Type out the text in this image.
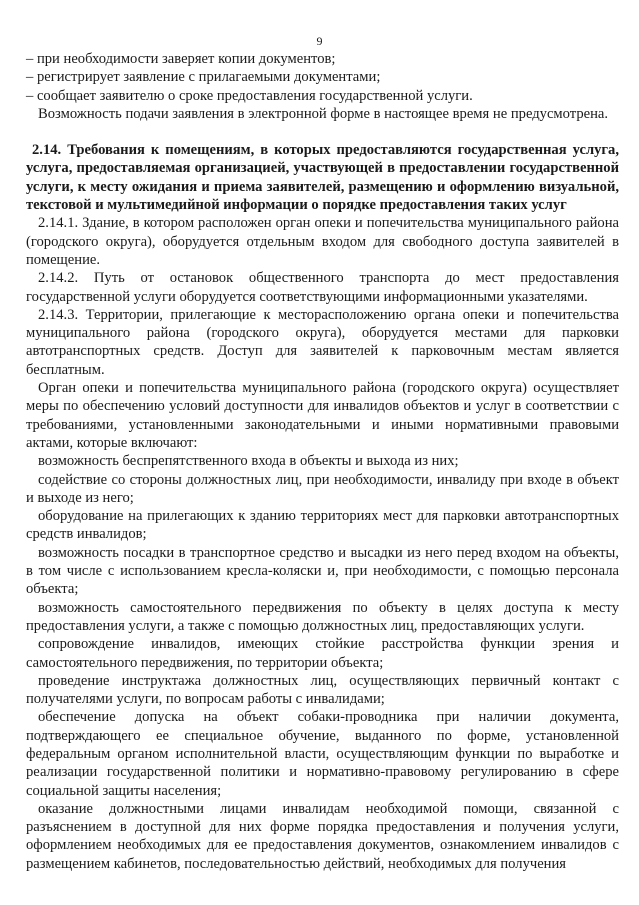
9

– при необходимости заверяет копии документов;

– регистрирует заявление с прилагаемыми документами;

– сообщает заявителю о сроке предоставления государственной услуги.

Возможность подачи заявления в электронной форме в настоящее время не предусмотрена.

2.14. Требования к помещениям, в которых предоставляются государственная услуга, услуга, предоставляемая организацией, участвующей в предоставлении государственной услуги, к месту ожидания и приема заявителей, размещению и оформлению визуальной, текстовой и мультимедийной информации о порядке предоставления таких услуг

2.14.1. Здание, в котором расположен орган опеки и попечительства муниципального района (городского округа), оборудуется отдельным входом для свободного доступа заявителей в помещение.

2.14.2. Путь от остановок общественного транспорта до мест предоставления государственной услуги оборудуется соответствующими информационными указателями.

2.14.3. Территории, прилегающие к месторасположению органа опеки и попечительства муниципального района (городского округа), оборудуется местами для парковки автотранспортных средств. Доступ для заявителей к парковочным местам является бесплатным.

Орган опеки и попечительства муниципального района (городского округа) осуществляет меры по обеспечению условий доступности для инвалидов объектов и услуг в соответствии с требованиями, установленными законодательными и иными нормативными правовыми актами, которые включают:

возможность беспрепятственного входа в объекты и выхода из них;

содействие со стороны должностных лиц, при необходимости, инвалиду при входе в объект и выходе из него;

оборудование на прилегающих к зданию территориях мест для парковки автотранспортных средств инвалидов;

возможность посадки в транспортное средство и высадки из него перед входом на объекты, в том числе с использованием кресла-коляски и, при необходимости, с помощью персонала объекта;

возможность самостоятельного передвижения по объекту в целях доступа к месту предоставления услуги, а также с помощью должностных лиц, предоставляющих услуги.

сопровождение инвалидов, имеющих стойкие расстройства функции зрения и самостоятельного передвижения, по территории объекта;

проведение инструктажа должностных лиц, осуществляющих первичный контакт с получателями услуги, по вопросам работы с инвалидами;

обеспечение допуска на объект собаки-проводника при наличии документа, подтверждающего ее специальное обучение, выданного по форме, установленной федеральным органом исполнительной власти, осуществляющим функции по выработке и реализации государственной политики и нормативно-правовому регулированию в сфере социальной защиты населения;

оказание должностными лицами инвалидам необходимой помощи, связанной с разъяснением в доступной для них форме порядка предоставления и получения услуги, оформлением необходимых для ее предоставления документов, ознакомлением инвалидов с размещением кабинетов, последовательностью действий, необходимых для получения
